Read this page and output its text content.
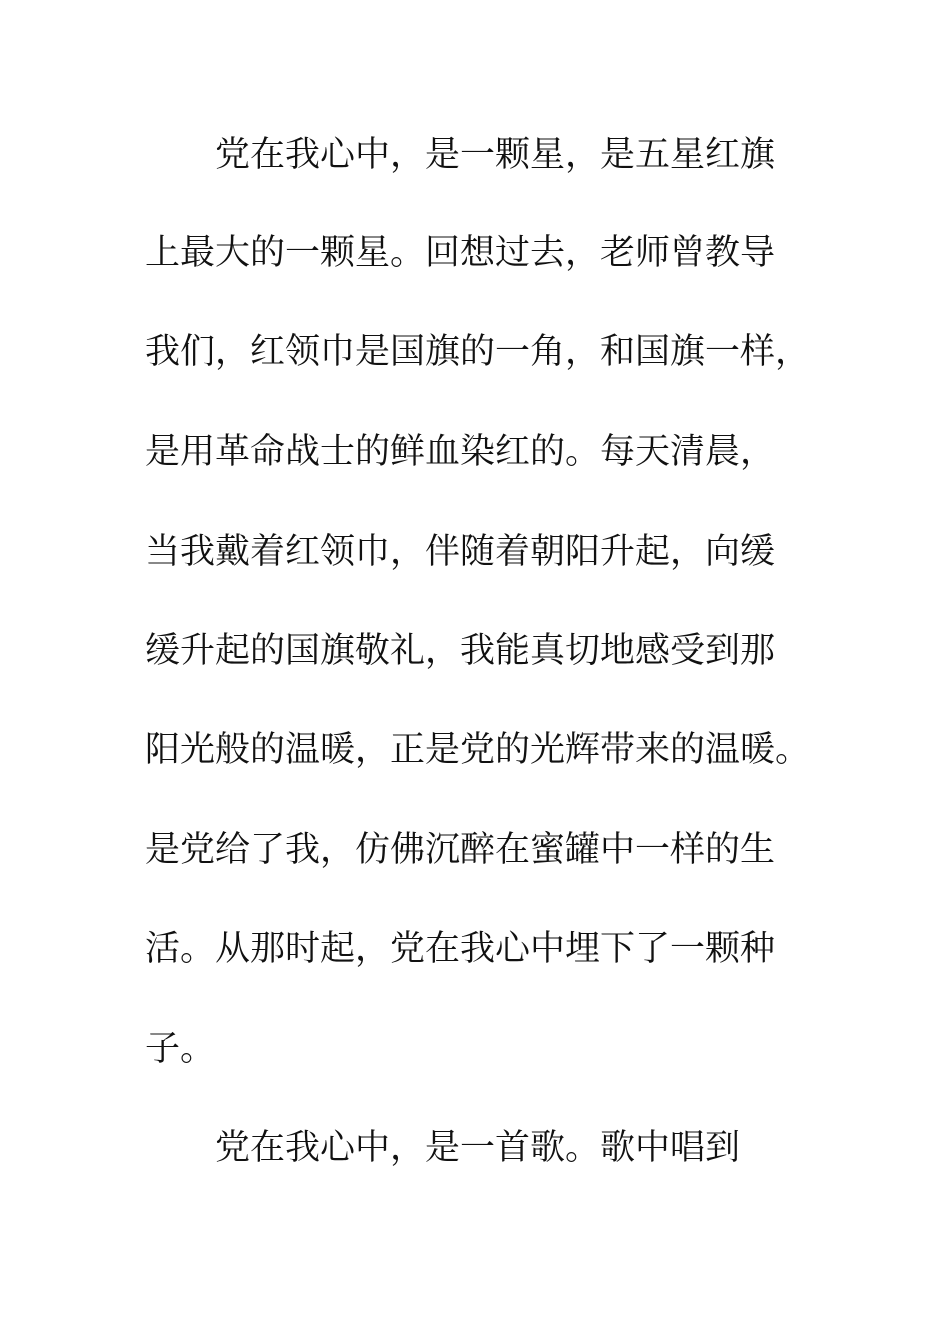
党在我心中，是一颗星，是五星红旗
上最大的一颗星。回想过去，老师曾教导
我们，红领巾是国旗的一角，和国旗一样，
是用革命战士的鲜血染红的。每天清晨，
当我戴着红领巾，伴随着朝阳升起，向缓
缓升起的国旗敬礼，我能真切地感受到那
阳光般的温暖，正是党的光辉带来的温暖。
是党给了我，仿佛沉醉在蜜罐中一样的生
活。从那时起，党在我心中埋下了一颗种
子。
党在我心中，是一首歌。歌中唱到
